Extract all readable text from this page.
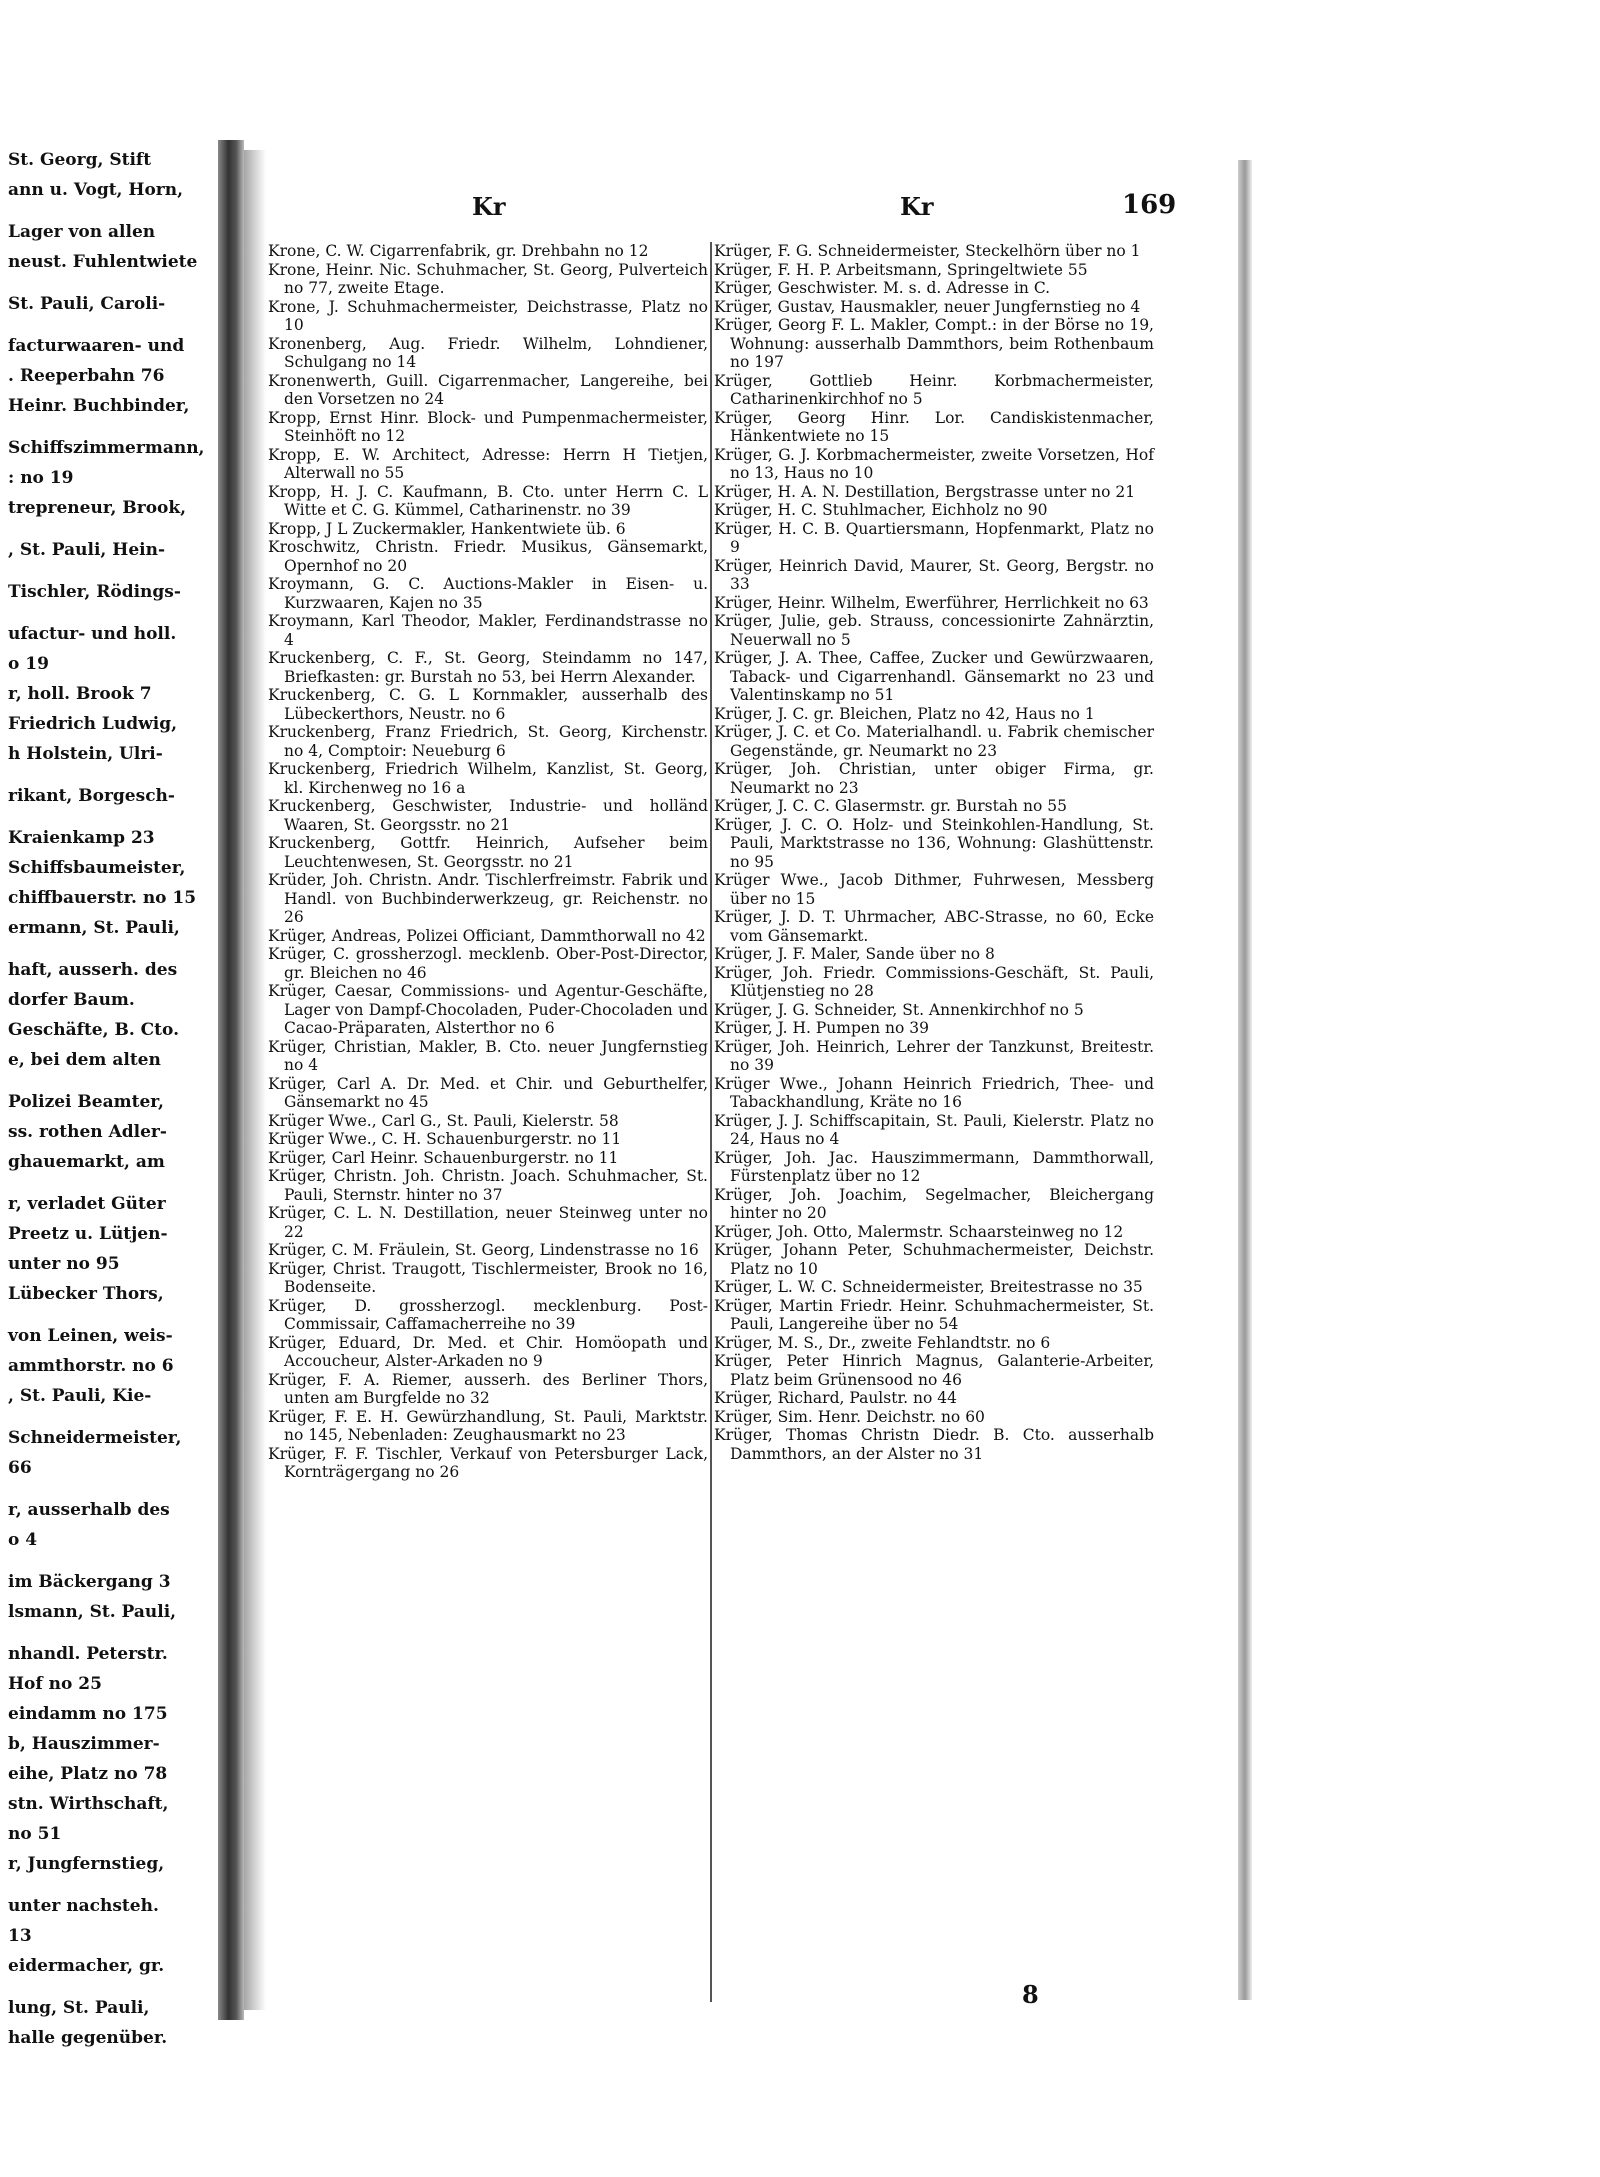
St. Georg, Stift
ann u. Vogt, Horn,
Lager von allen
neust. Fuhlentwiete
St. Pauli, Caroli-
facturwaaren- und
. Reeperbahn 76
Heinr. Buchbinder,
Schiffszimmermann,
: no 19
trepreneur, Brook,
, St. Pauli, Hein-
Tischler, Rödings-
ufactur- und holl.
o 19
r, holl. Brook 7
Friedrich Ludwig,
h Holstein, Ulri-
rikant, Borgesch-
Kraienkamp 23
Schiffsbaumeister,
chiffbauerstr. no 15
ermann, St. Pauli,
haft, ausserh. des
dorfer Baum.
Geschäfte, B. Cto.
e, bei dem alten
Polizei Beamter,
ss. rothen Adler-
ghauemarkt, am
r, verladet Güter
Preetz u. Lütjen-
unter no 95
Lübecker Thors,
von Leinen, weis-
ammthorstr. no 6
, St. Pauli, Kie-
Schneidermeister,
66
r, ausserhalb des
o 4
im Bäckergang 3
lsmann, St. Pauli,
nhandl. Peterstr.
Hof no 25
eindamm no 175
b, Hauszimmer-
eihe, Platz no 78
stn. Wirthschaft,
no 51
r, Jungfernstieg,
unter nachsteh.
13
eidermacher, gr.
lung, St. Pauli,
halle gegenüber.
Kr	Kr	169

Krone, C. W. Cigarrenfabrik, gr. Drehbahn no 12

Krone, Heinr. Nic. Schuhmacher, St. Georg, Pulverteich no 77, zweite Etage.

Krone, J. Schuhmachermeister, Deichstrasse, Platz no 10

Kronenberg, Aug. Friedr. Wilhelm, Lohndiener, Schulgang no 14

Kronenwerth, Guill. Cigarrenmacher, Langereihe, bei den Vorsetzen no 24

Kropp, Ernst Hinr. Block- und Pumpenmachermeister, Steinhöft no 12

Kropp, E. W. Architect, Adresse: Herrn H Tietjen, Alterwall no 55

Kropp, H. J. C. Kaufmann, B. Cto. unter Herrn C. L Witte et C. G. Kümmel, Catharinenstr. no 39

Kropp, J L Zuckermakler, Hankentwiete üb. 6

Kroschwitz, Christn. Friedr. Musikus, Gänsemarkt, Opernhof no 20

Kroymann, G. C. Auctions-Makler in Eisen- u. Kurzwaaren, Kajen no 35

Kroymann, Karl Theodor, Makler, Ferdinandstrasse no 4

Kruckenberg, C. F., St. Georg, Steindamm no 147, Briefkasten: gr. Burstah no 53, bei Herrn Alexander.

Kruckenberg, C. G. L Kornmakler, ausserhalb des Lübeckerthors, Neustr. no 6

Kruckenberg, Franz Friedrich, St. Georg, Kirchenstr. no 4, Comptoir: Neueburg 6

Kruckenberg, Friedrich Wilhelm, Kanzlist, St. Georg, kl. Kirchenweg no 16 a

Kruckenberg, Geschwister, Industrie- und holländ Waaren, St. Georgsstr. no 21

Kruckenberg, Gottfr. Heinrich, Aufseher beim Leuchtenwesen, St. Georgsstr. no 21

Krüder, Joh. Christn. Andr. Tischlerfreimstr. Fabrik und Handl. von Buchbinderwerkzeug, gr. Reichenstr. no 26

Krüger, Andreas, Polizei Officiant, Dammthorwall no 42

Krüger, C. grossherzogl. mecklenb. Ober-Post-Director, gr. Bleichen no 46

Krüger, Caesar, Commissions- und Agentur-Geschäfte, Lager von Dampf-Chocoladen, Puder-Chocoladen und Cacao-Präparaten, Alsterthor no 6

Krüger, Christian, Makler, B. Cto. neuer Jungfernstieg no 4

Krüger, Carl A. Dr. Med. et Chir. und Geburthelfer, Gänsemarkt no 45

Krüger Wwe., Carl G., St. Pauli, Kielerstr. 58

Krüger Wwe., C. H. Schauenburgerstr. no 11

Krüger, Carl Heinr. Schauenburgerstr. no 11

Krüger, Christn. Joh. Christn. Joach. Schuhmacher, St. Pauli, Sternstr. hinter no 37

Krüger, C. L. N. Destillation, neuer Steinweg unter no 22

Krüger, C. M. Fräulein, St. Georg, Lindenstrasse no 16

Krüger, Christ. Traugott, Tischlermeister, Brook no 16, Bodenseite.

Krüger, D. grossherzogl. mecklenburg. Post-Commissair, Caffamacherreihe no 39

Krüger, Eduard, Dr. Med. et Chir. Homöopath und Accoucheur, Alster-Arkaden no 9

Krüger, F. A. Riemer, ausserh. des Berliner Thors, unten am Burgfelde no 32

Krüger, F. E. H. Gewürzhandlung, St. Pauli, Marktstr. no 145, Nebenladen: Zeughausmarkt no 23

Krüger, F. F. Tischler, Verkauf von Petersburger Lack, Kornträgergang no 26

Krüger, F. G. Schneidermeister, Steckelhörn über no 1

Krüger, F. H. P. Arbeitsmann, Springeltwiete 55

Krüger, Geschwister. M. s. d. Adresse in C.

Krüger, Gustav, Hausmakler, neuer Jungfernstieg no 4

Krüger, Georg F. L. Makler, Compt.: in der Börse no 19, Wohnung: ausserhalb Dammthors, beim Rothenbaum no 197

Krüger, Gottlieb Heinr. Korbmachermeister, Catharinenkirchhof no 5

Krüger, Georg Hinr. Lor. Candiskistenmacher, Hänkentwiete no 15

Krüger, G. J. Korbmachermeister, zweite Vorsetzen, Hof no 13, Haus no 10

Krüger, H. A. N. Destillation, Bergstrasse unter no 21

Krüger, H. C. Stuhlmacher, Eichholz no 90

Krüger, H. C. B. Quartiersmann, Hopfenmarkt, Platz no 9

Krüger, Heinrich David, Maurer, St. Georg, Bergstr. no 33

Krüger, Heinr. Wilhelm, Ewerführer, Herrlichkeit no 63

Krüger, Julie, geb. Strauss, concessionirte Zahnärztin, Neuerwall no 5

Krüger, J. A. Thee, Caffee, Zucker und Gewürzwaaren, Taback- und Cigarrenhandl. Gänsemarkt no 23 und Valentinskamp no 51

Krüger, J. C. gr. Bleichen, Platz no 42, Haus no 1

Krüger, J. C. et Co. Materialhandl. u. Fabrik chemischer Gegenstände, gr. Neumarkt no 23

Krüger, Joh. Christian, unter obiger Firma, gr. Neumarkt no 23

Krüger, J. C. C. Glasermstr. gr. Burstah no 55

Krüger, J. C. O. Holz- und Steinkohlen-Handlung, St. Pauli, Marktstrasse no 136, Wohnung: Glashüttenstr. no 95

Krüger Wwe., Jacob Dithmer, Fuhrwesen, Messberg über no 15

Krüger, J. D. T. Uhrmacher, ABC-Strasse, no 60, Ecke vom Gänsemarkt.

Krüger, J. F. Maler, Sande über no 8

Krüger, Joh. Friedr. Commissions-Geschäft, St. Pauli, Klütjenstieg no 28

Krüger, J. G. Schneider, St. Annenkirchhof no 5

Krüger, J. H. Pumpen no 39

Krüger, Joh. Heinrich, Lehrer der Tanzkunst, Breitestr. no 39

Krüger Wwe., Johann Heinrich Friedrich, Thee- und Tabackhandlung, Kräte no 16

Krüger, J. J. Schiffscapitain, St. Pauli, Kielerstr. Platz no 24, Haus no 4

Krüger, Joh. Jac. Hauszimmermann, Dammthorwall, Fürstenplatz über no 12

Krüger, Joh. Joachim, Segelmacher, Bleichergang hinter no 20

Krüger, Joh. Otto, Malermstr. Schaarsteinweg no 12

Krüger, Johann Peter, Schuhmachermeister, Deichstr. Platz no 10

Krüger, L. W. C. Schneidermeister, Breitestrasse no 35

Krüger, Martin Friedr. Heinr. Schuhmachermeister, St. Pauli, Langereihe über no 54

Krüger, M. S., Dr., zweite Fehlandtstr. no 6

Krüger, Peter Hinrich Magnus, Galanterie-Arbeiter, Platz beim Grünensood no 46

Krüger, Richard, Paulstr. no 44

Krüger, Sim. Henr. Deichstr. no 60

Krüger, Thomas Christn Diedr. B. Cto. ausserhalb Dammthors, an der Alster no 31

8
